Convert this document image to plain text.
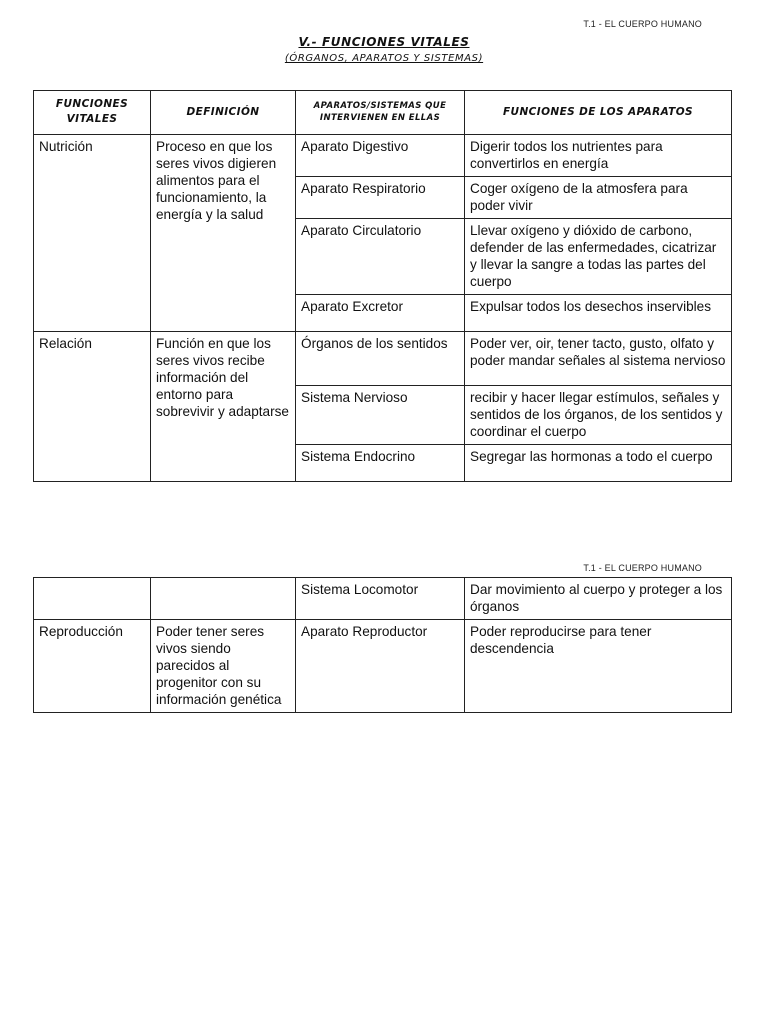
T.1 - EL CUERPO HUMANO
V.- FUNCIONES VITALES
(ÓRGANOS, APARATOS Y SISTEMAS)
FUNCIONES VITALES	DEFINICIÓN	APARATOS/SISTEMAS QUE INTERVIENEN EN ELLAS	FUNCIONES DE LOS APARATOS
Nutrición	Proceso en que los seres vivos digieren alimentos para el funcionamiento, la energía y la salud	Aparato Digestivo	Digerir todos los nutrientes para convertirlos en energía
		Aparato Respiratorio	Coger oxígeno de la atmosfera para poder vivir
		Aparato Circulatorio	Llevar oxígeno y dióxido de carbono, defender de las enfermedades, cicatrizar y llevar la sangre a todas las partes del cuerpo
		Aparato Excretor	Expulsar todos los desechos inservibles
Relación	Función en que los seres vivos recibe información del entorno para sobrevivir y adaptarse	Órganos de los sentidos	Poder ver, oir, tener tacto, gusto, olfato y poder mandar señales al sistema nervioso
		Sistema Nervioso	recibir y hacer llegar estímulos, señales y sentidos de los órganos, de los sentidos y coordinar el cuerpo
		Sistema Endocrino	Segregar las hormonas a todo el cuerpo
T.1 - EL CUERPO HUMANO
		Sistema Locomotor	Dar movimiento al cuerpo y proteger a los órganos
Reproducción	Poder tener seres vivos siendo parecidos al progenitor con su información genética	Aparato Reproductor	Poder reproducirse para tener descendencia
